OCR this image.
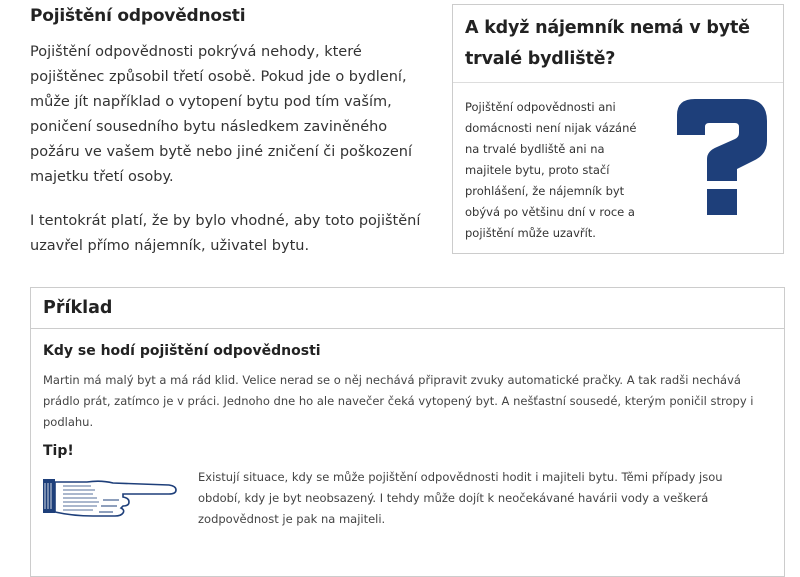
Pojištění odpovědnosti

Pojištění odpovědnosti pokrývá nehody, které pojištěnec způsobil třetí osobě. Pokud jde o bydlení, může jít například o vytopení bytu pod tím vaším, poničení sousedního bytu následkem zaviněného požáru ve vašem bytě nebo jiné zničení či poškození majetku třetí osoby.

I tentokrát platí, že by bylo vhodné, aby toto pojištění uzavřel přímo nájemník, uživatel bytu.

A když nájemník nemá v bytě trvalé bydliště?

Pojištění odpovědnosti ani domácnosti není nijak vázáné na trvalé bydliště ani na majitele bytu, proto stačí prohlášení, že nájemník byt obývá po většinu dní v roce a pojištění může uzavřít.

Příklad
Kdy se hodí pojištění odpovědnosti

Martin má malý byt a má rád klid. Velice nerad se o něj nechává připravit zvuky automatické pračky. A tak radši nechává prádlo prát, zatímco je v práci. Jednoho dne ho ale navečer čeká vytopený byt. A nešťastní sousedé, kterým poničil stropy i podlahu.

Tip!

Existují situace, kdy se může pojištění odpovědnosti hodit i majiteli bytu. Těmi případy jsou období, kdy je byt neobsazený. I tehdy může dojít k neočekávané havárii vody a veškerá zodpovědnost je pak na majiteli.
